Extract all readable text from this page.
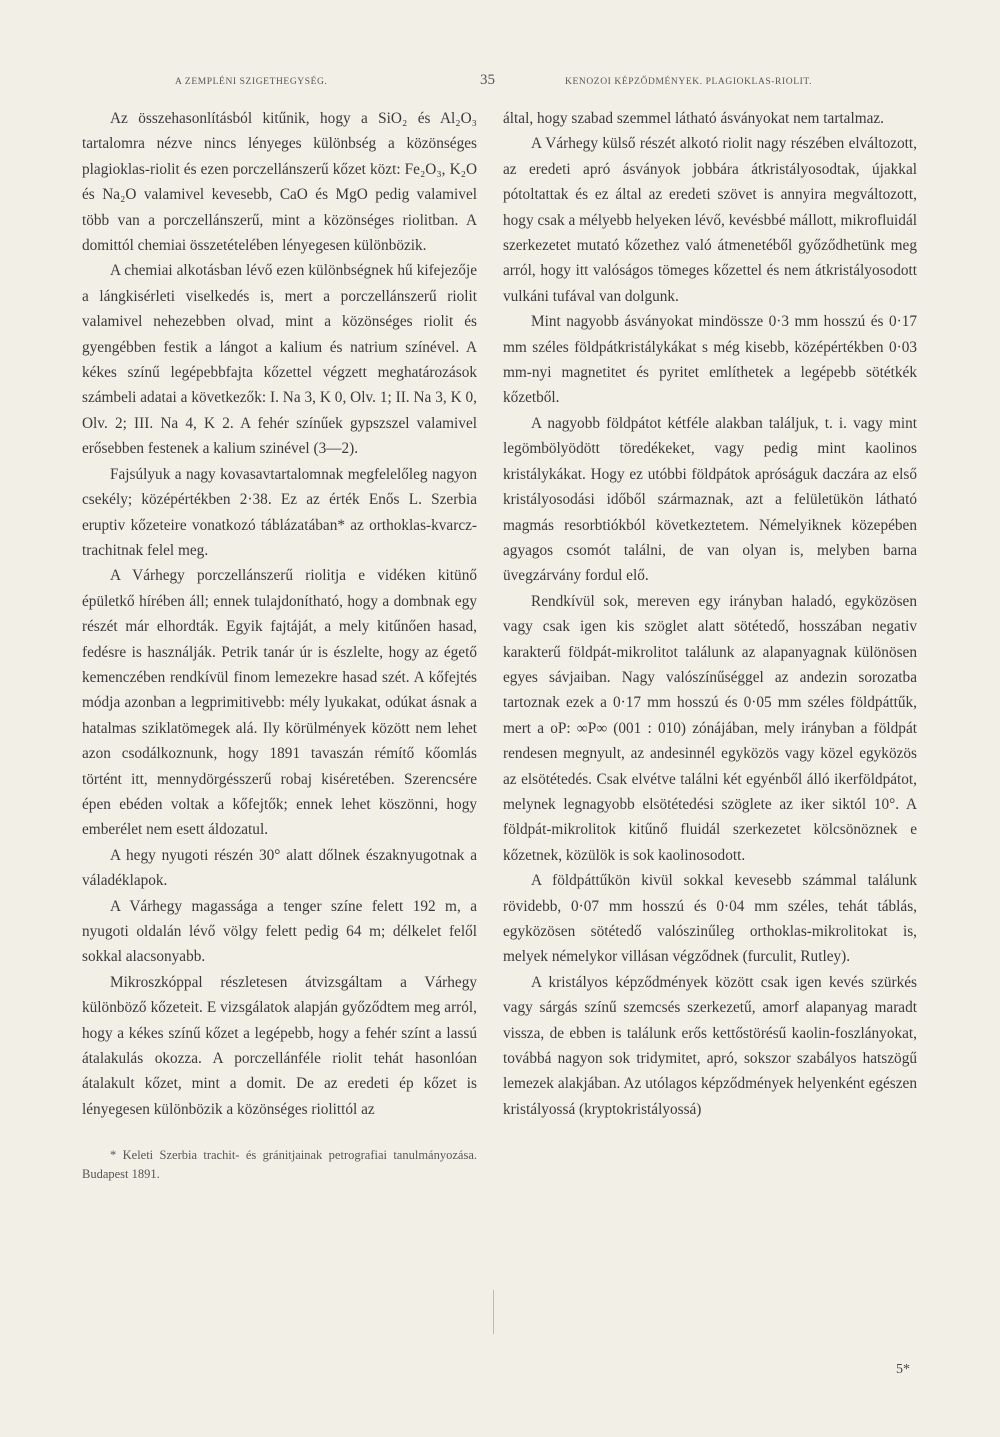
A ZEMPLÉNI SZIGETHEGYSÉG.	35	KENOZOI KÉPZŐDMÉNYEK. PLAGIOKLAS-RIOLIT.

Az összehasonlításból kitűnik, hogy a SiO₂ és Al₂O₃ tartalomra nézve nincs lényeges különbség a közönséges plagioklas-riolit és ezen porczellánszerű kőzet közt: Fe₂O₃, K₂O és Na₂O valamivel kevesebb, CaO és MgO pedig valamivel több van a porczellánszerű, mint a közönséges riolitban. A domittól chemiai összetételében lényegesen különbözik.

A chemiai alkotásban lévő ezen különbségnek hű kifejezője a lángkisérleti viselkedés is, mert a porczellánszerű riolit valamivel nehezebben olvad, mint a közönséges riolit és gyengébben festik a lángot a kalium és natrium színével. A kékes színű legépebbfajta kőzettel végzett meghatározások számbeli adatai a következők: I. Na 3, K 0, Olv. 1; II. Na 3, K 0, Olv. 2; III. Na 4, K 2. A fehér színűek gypszszel valamivel erősebben festenek a kalium szinével (3—2).

Fajsúlyuk a nagy kovasavtartalomnak megfelelőleg nagyon csekély; középértékben 2·38. Ez az érték Enős L. Szerbia eruptiv kőzeteire vonatkozó táblázatában* az orthoklas-kvarcz-trachitnak felel meg.

A Várhegy porczellánszerű riolitja e vidéken kitünő épületkő hírében áll; ennek tulajdonítható, hogy a dombnak egy részét már elhordták. Egyik fajtáját, a mely kitűnően hasad, fedésre is használják. Petrik tanár úr is észlelte, hogy az égető kemenczében rendkívül finom lemezekre hasad szét. A kőfejtés módja azonban a legprimitivebb: mély lyukakat, odúkat ásnak a hatalmas sziklatömegek alá. Ily körülmények között nem lehet azon csodálkoznunk, hogy 1891 tavaszán rémítő kőomlás történt itt, mennydörgésszerű robaj kiséretében. Szerencsére épen ebéden voltak a kőfejtők; ennek lehet köszönni, hogy emberélet nem esett áldozatul.

A hegy nyugoti részén 30° alatt dőlnek északnyugotnak a váladéklapok.

A Várhegy magassága a tenger színe felett 192 m, a nyugoti oldalán lévő völgy felett pedig 64 m; délkelet felől sokkal alacsonyabb.

Mikroszkóppal részletesen átvizsgáltam a Várhegy különböző kőzeteit. E vizsgálatok alapján győződtem meg arról, hogy a kékes színű kőzet a legépebb, hogy a fehér színt a lassú átalakulás okozza. A porczellánféle riolit tehát hasonlóan átalakult kőzet, mint a domit. De az eredeti ép kőzet is lényegesen különbözik a közönséges riolittól az

* Keleti Szerbia trachit- és gránitjainak petrografiai tanulmányozása. Budapest 1891.

által, hogy szabad szemmel látható ásványokat nem tartalmaz.

A Várhegy külső részét alkotó riolit nagy részében elváltozott, az eredeti apró ásványok jobbára átkristályosodtak, újakkal pótoltattak és ez által az eredeti szövet is annyira megváltozott, hogy csak a mélyebb helyeken lévő, kevésbbé mállott, mikrofluidál szerkezetet mutató kőzethez való átmenetéből győződhetünk meg arról, hogy itt valóságos tömeges kőzettel és nem átkristályosodott vulkáni tufával van dolgunk.

Mint nagyobb ásványokat mindössze 0·3 mm hosszú és 0·17 mm széles földpátkristálykákat s még kisebb, középértékben 0·03 mm-nyi magnetitet és pyritet említhetek a legépebb sötétkék kőzetből.

A nagyobb földpátot kétféle alakban találjuk, t. i. vagy mint legömbölyödött töredékeket, vagy pedig mint kaolinos kristálykákat. Hogy ez utóbbi földpátok apróságuk daczára az első kristályosodási időből származnak, azt a felületükön látható magmás resorbtiókból következtetem. Némelyiknek közepében agyagos csomót találni, de van olyan is, melyben barna üvegzárvány fordul elő.

Rendkívül sok, mereven egy irányban haladó, egyközösen vagy csak igen kis szöglet alatt sötétedő, hosszában negativ karakterű földpát-mikrolitot találunk az alapanyagnak különösen egyes sávjaiban. Nagy valószínűséggel az andezin sorozatba tartoznak ezek a 0·17 mm hosszú és 0·05 mm széles földpáttűk, mert a oP: ∞P∞ (001 : 010) zónájában, mely irányban a földpát rendesen megnyult, az andesinnél egyközös vagy közel egyközös az elsötétedés. Csak elvétve találni két egyénből álló ikerföldpátot, melynek legnagyobb elsötétedési szöglete az iker siktól 10°. A földpát-mikrolitok kitűnő fluidál szerkezetet kölcsönöznek e kőzetnek, közülök is sok kaolinosodott.

A földpáttűkön kivül sokkal kevesebb számmal találunk rövidebb, 0·07 mm hosszú és 0·04 mm széles, tehát táblás, egyközösen sötétedő valószinűleg orthoklas-mikrolitokat is, melyek némelykor villásan végződnek (furculit, Rutley).

A kristályos képződmények között csak igen kevés szürkés vagy sárgás színű szemcsés szerkezetű, amorf alapanyag maradt vissza, de ebben is találunk erős kettőstörésű kaolin-foszlányokat, továbbá nagyon sok tridymitet, apró, sokszor szabályos hatszögű lemezek alakjában. Az utólagos képződmények helyenként egészen kristályossá (kryptokristályossá)

5*
